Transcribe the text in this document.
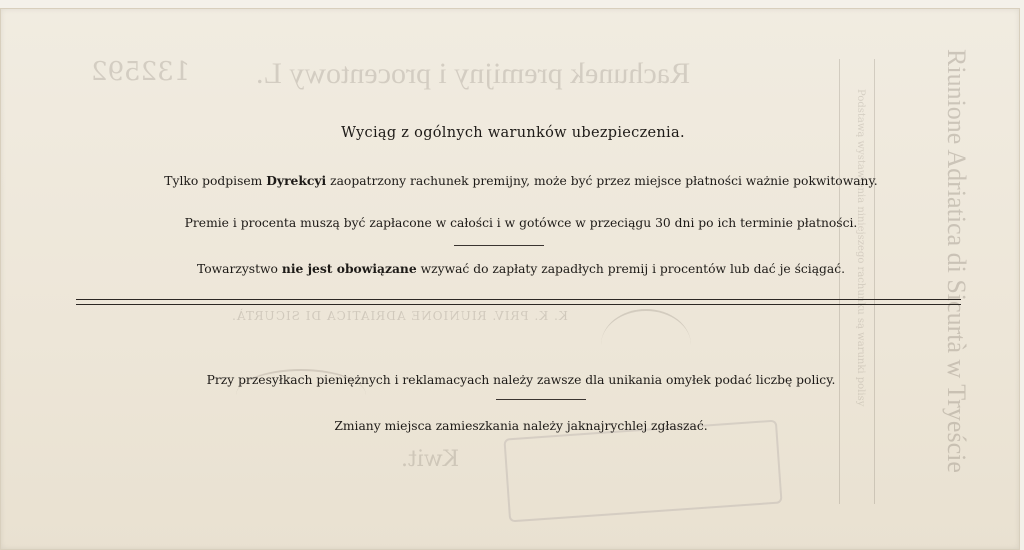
Rachunek premijny i procentowy L.
132592
K. K. PRIV. RIUNIONE ADRIATICA DI SICURTÀ.
Kwit.	Riunione Adriatica di Sicurtà w Tryeście
Podstawą wystawienia niniejszego rachunku są warunki polisy
Wyciąg z ogólnych warunków ubezpieczenia.
Tylko podpisem Dyrekcyi zaopatrzony rachunek premijny, może być przez miejsce płatności ważnie pokwitowany.
Premie i procenta muszą być zapłacone w całości i w gotówce w przeciągu 30 dni po ich terminie płatności.
Towarzystwo nie jest obowiązane wzywać do zapłaty zapadłych premij i procentów lub dać je ściągać.
Przy przesyłkach pieniężnych i reklamacyach należy zawsze dla unikania omyłek podać liczbę policy.
Zmiany miejsca zamieszkania należy jaknajrychlej zgłaszać.
